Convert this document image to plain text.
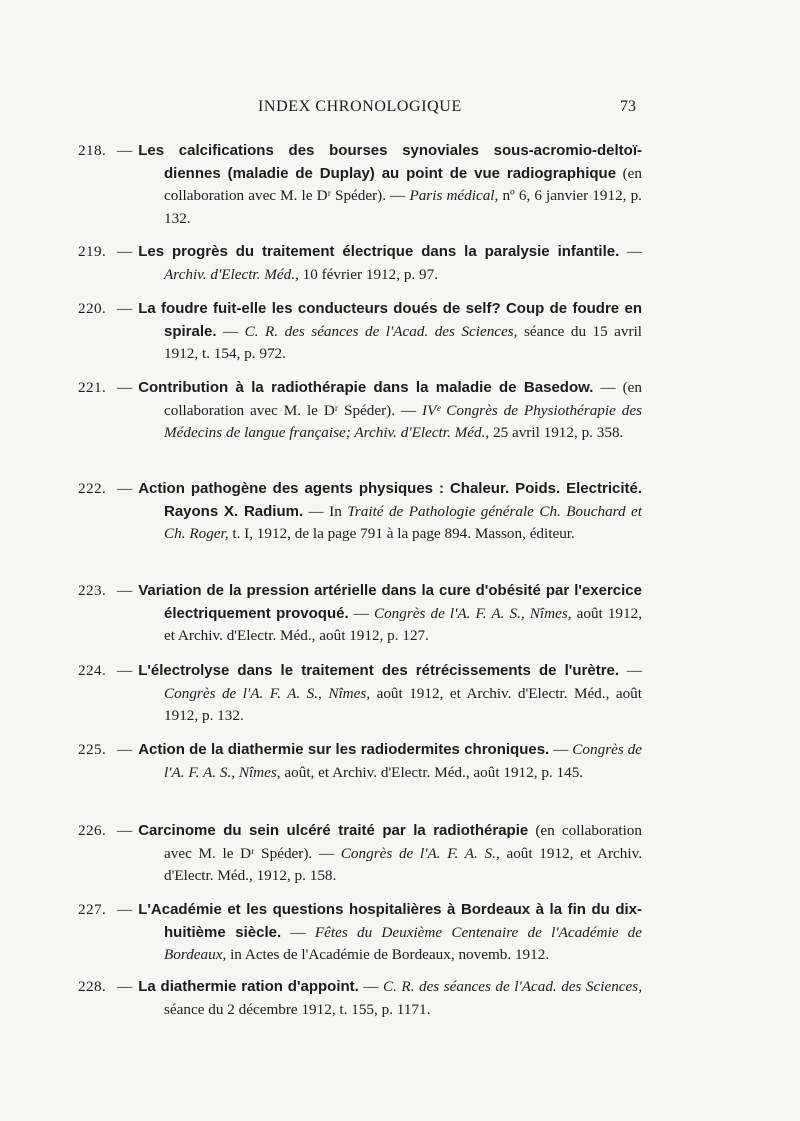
INDEX CHRONOLOGIQUE	73
218. — Les calcifications des bourses synoviales sous-acromio-deltoï-diennes (maladie de Duplay) au point de vue radiographique (en collaboration avec M. le Dʳ Spéder). — Paris médical, nº 6, 6 janvier 1912, p. 132.
219. — Les progrès du traitement électrique dans la paralysie infantile. — Archiv. d'Electr. Méd., 10 février 1912, p. 97.
220. — La foudre fuit-elle les conducteurs doués de self? Coup de foudre en spirale. — C. R. des séances de l'Acad. des Sciences, séance du 15 avril 1912, t. 154, p. 972.
221. — Contribution à la radiothérapie dans la maladie de Basedow. — (en collaboration avec M. le Dʳ Spéder). — IVᵉ Congrès de Physiothérapie des Médecins de langue française; Archiv. d'Electr. Méd., 25 avril 1912, p. 358.
222. — Action pathogène des agents physiques : Chaleur. Poids. Electricité. Rayons X. Radium. — In Traité de Pathologie générale Ch. Bouchard et Ch. Roger, t. I, 1912, de la page 791 à la page 894. Masson, éditeur.
223. — Variation de la pression artérielle dans la cure d'obésité par l'exercice électriquement provoqué. — Congrès de l'A. F. A. S., Nîmes, août 1912, et Archiv. d'Electr. Méd., août 1912, p. 127.
224. — L'électrolyse dans le traitement des rétrécissements de l'urètre. — Congrès de l'A. F. A. S., Nîmes, août 1912, et Archiv. d'Electr. Méd., août 1912, p. 132.
225. — Action de la diathermie sur les radiodermites chroniques. — Congrès de l'A. F. A. S., Nîmes, août, et Archiv. d'Electr. Méd., août 1912, p. 145.
226. — Carcinome du sein ulcéré traité par la radiothérapie (en collaboration avec M. le Dʳ Spéder). — Congrès de l'A. F. A. S., août 1912, et Archiv. d'Electr. Méd., 1912, p. 158.
227. — L'Académie et les questions hospitalières à Bordeaux à la fin du dix-huitième siècle. — Fêtes du Deuxième Centenaire de l'Académie de Bordeaux, in Actes de l'Académie de Bordeaux, novemb. 1912.
228. — La diathermie ration d'appoint. — C. R. des séances de l'Acad. des Sciences, séance du 2 décembre 1912, t. 155, p. 1171.
